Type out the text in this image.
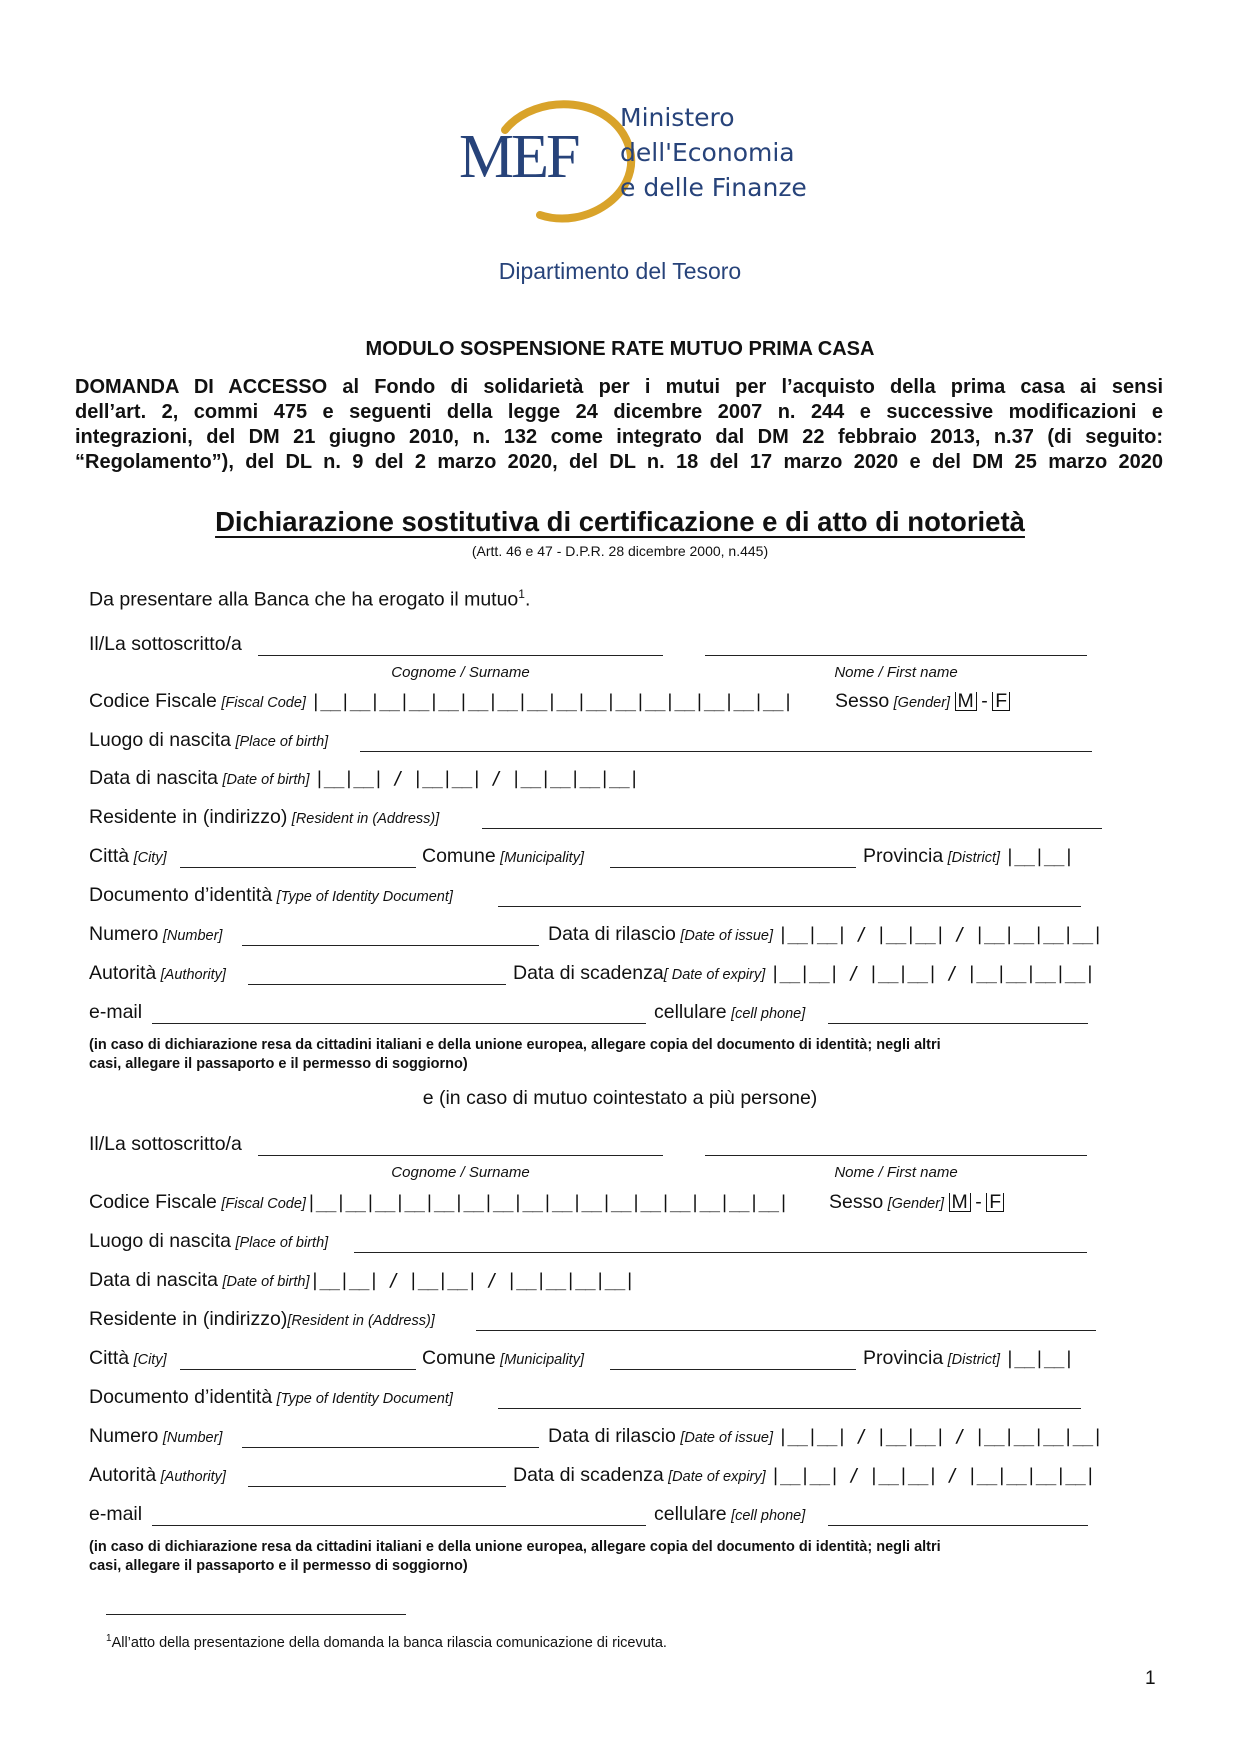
MEF
Ministero
dell'Economia
e delle Finanze
Dipartimento del Tesoro
MODULO SOSPENSIONE RATE MUTUO PRIMA CASA
DOMANDA DI ACCESSO al Fondo di solidarietà per i mutui per l’acquisto della prima casa ai sensi
dell’art. 2, commi 475 e seguenti della legge 24 dicembre 2007 n. 244 e successive modificazioni e
integrazioni, del DM 21 giugno 2010, n. 132 come integrato dal DM 22 febbraio 2013, n.37 (di seguito:
“Regolamento”), del DL n. 9 del 2 marzo 2020, del DL n. 18 del 17 marzo 2020 e del DM 25 marzo 2020
Dichiarazione sostitutiva di certificazione e di atto di notorietà
(Artt. 46 e 47 - D.P.R. 28 dicembre 2000, n.445)
Da presentare alla Banca che ha erogato il mutuo$^1$.
Il/La sottoscritto/a
Cognome / Surname	Nome / First name
Codice Fiscale [Fiscal Code] |__|__|__|__|__|__|__|__|__|__|__|__|__|__|__|__| Sesso [Gender] M - F
Luogo di nascita [Place of birth]
Data di nascita [Date of birth] |__|__| / |__|__| / |__|__|__|__|
Residente in (indirizzo) [Resident in (Address)]
Città [City]	Comune [Municipality]	Provincia [District] |__|__|
Documento d’identità [Type of Identity Document]
Numero [Number]	Data di rilascio [Date of issue] |__|__| / |__|__| / |__|__|__|__|
Autorità [Authority]	Data di scadenza[ Date of expiry] |__|__| / |__|__| / |__|__|__|__|
e-mail	cellulare [cell phone]
(in caso di dichiarazione resa da cittadini italiani e della unione europea, allegare copia del documento di identità; negli altri
casi, allegare il passaporto e il permesso di soggiorno)
e (in caso di mutuo cointestato a più persone)
Il/La sottoscritto/a
Cognome / Surname	Nome / First name
Codice Fiscale [Fiscal Code]|__|__|__|__|__|__|__|__|__|__|__|__|__|__|__|__| Sesso [Gender] M - F
Luogo di nascita [Place of birth]
Data di nascita [Date of birth]|__|__| / |__|__| / |__|__|__|__|
Residente in (indirizzo)[Resident in (Address)]
Città [City]	Comune [Municipality]	Provincia [District] |__|__|
Documento d’identità [Type of Identity Document]
Numero [Number]	Data di rilascio [Date of issue] |__|__| / |__|__| / |__|__|__|__|
Autorità [Authority]	Data di scadenza [Date of expiry] |__|__| / |__|__| / |__|__|__|__|
e-mail	cellulare [cell phone]
(in caso di dichiarazione resa da cittadini italiani e della unione europea, allegare copia del documento di identità; negli altri
casi, allegare il passaporto e il permesso di soggiorno)
$^1$All’atto della presentazione della domanda la banca rilascia comunicazione di ricevuta.
1
